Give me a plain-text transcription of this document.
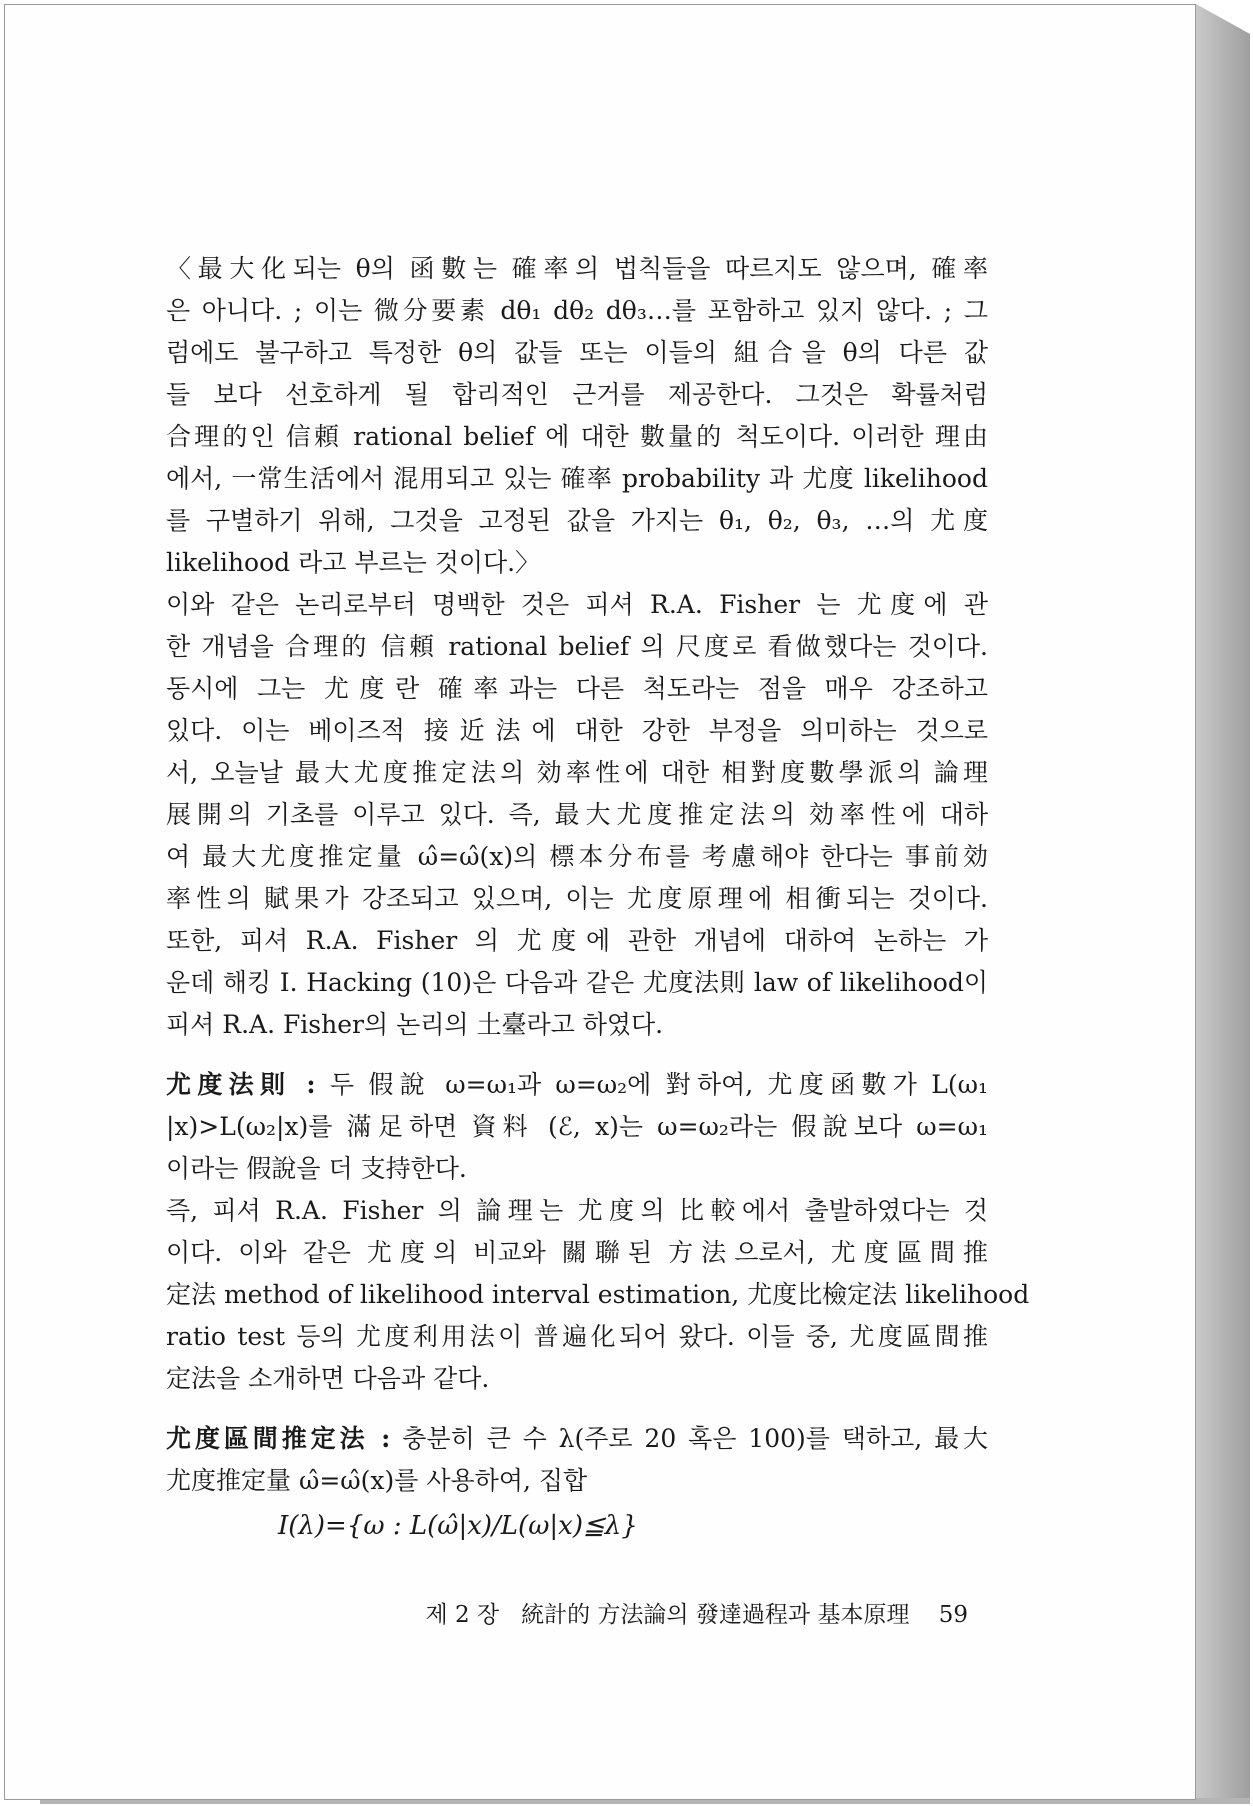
〈最大化되는 θ의 函數는 確率의 법칙들을 따르지도 않으며, 確率
은 아니다. ; 이는 微分要素 dθ₁ dθ₂ dθ₃…를 포함하고 있지 않다. ; 그
럼에도 불구하고 특정한 θ의 값들 또는 이들의 組合을 θ의 다른 값
들 보다 선호하게 될 합리적인 근거를 제공한다. 그것은 확률처럼
合理的인 信頼 rational belief 에 대한 數量的 척도이다. 이러한 理由
에서, 一常生活에서 混用되고 있는 確率 probability 과 尤度 likelihood
를 구별하기 위해, 그것을 고정된 값을 가지는 θ₁, θ₂, θ₃, …의 尤度
likelihood 라고 부르는 것이다.〉
이와 같은 논리로부터 명백한 것은 피셔 R.A. Fisher 는 尤度에 관
한 개념을 合理的 信頼 rational belief 의 尺度로 看做했다는 것이다.
동시에 그는 尤度란 確率과는 다른 척도라는 점을 매우 강조하고
있다. 이는 베이즈적 接近法에 대한 강한 부정을 의미하는 것으로
서, 오늘날 最大尤度推定法의 効率性에 대한 相對度數學派의 論理
展開의 기초를 이루고 있다. 즉, 最大尤度推定法의 効率性에 대하
여 最大尤度推定量 ω̂=ω̂(x)의 標本分布를 考慮해야 한다는 事前効
率性의 賦果가 강조되고 있으며, 이는 尤度原理에 相衝되는 것이다.
또한, 피셔 R.A. Fisher 의 尤度에 관한 개념에 대하여 논하는 가
운데 해킹 I. Hacking (10)은 다음과 같은 尤度法則 law of likelihood이
피셔 R.A. Fisher의 논리의 土臺라고 하였다.
尤度法則 : 두 假說 ω=ω₁과 ω=ω₂에 對하여, 尤度函數가 L(ω₁
|x)>L(ω₂|x)를 滿足하면 資料 (ℰ, x)는 ω=ω₂라는 假說보다 ω=ω₁
이라는 假說을 더 支持한다.
즉, 피셔 R.A. Fisher 의 論理는 尤度의 比較에서 출발하였다는 것
이다. 이와 같은 尤度의 비교와 關聯된 方法으로서, 尤度區間推
定法 method of likelihood interval estimation, 尤度比檢定法 likelihood
ratio test 등의 尤度利用法이 普遍化되어 왔다. 이들 중, 尤度區間推
定法을 소개하면 다음과 같다.
尤度區間推定法 : 충분히 큰 수 λ(주로 20 혹은 100)를 택하고, 最大
尤度推定量 ω̂=ω̂(x)를 사용하여, 집합
I(λ)={ω : L(ω̂|x)/L(ω|x)≦λ}
제 2 장 統計的 方法論의 發達過程과 基本原理 59
